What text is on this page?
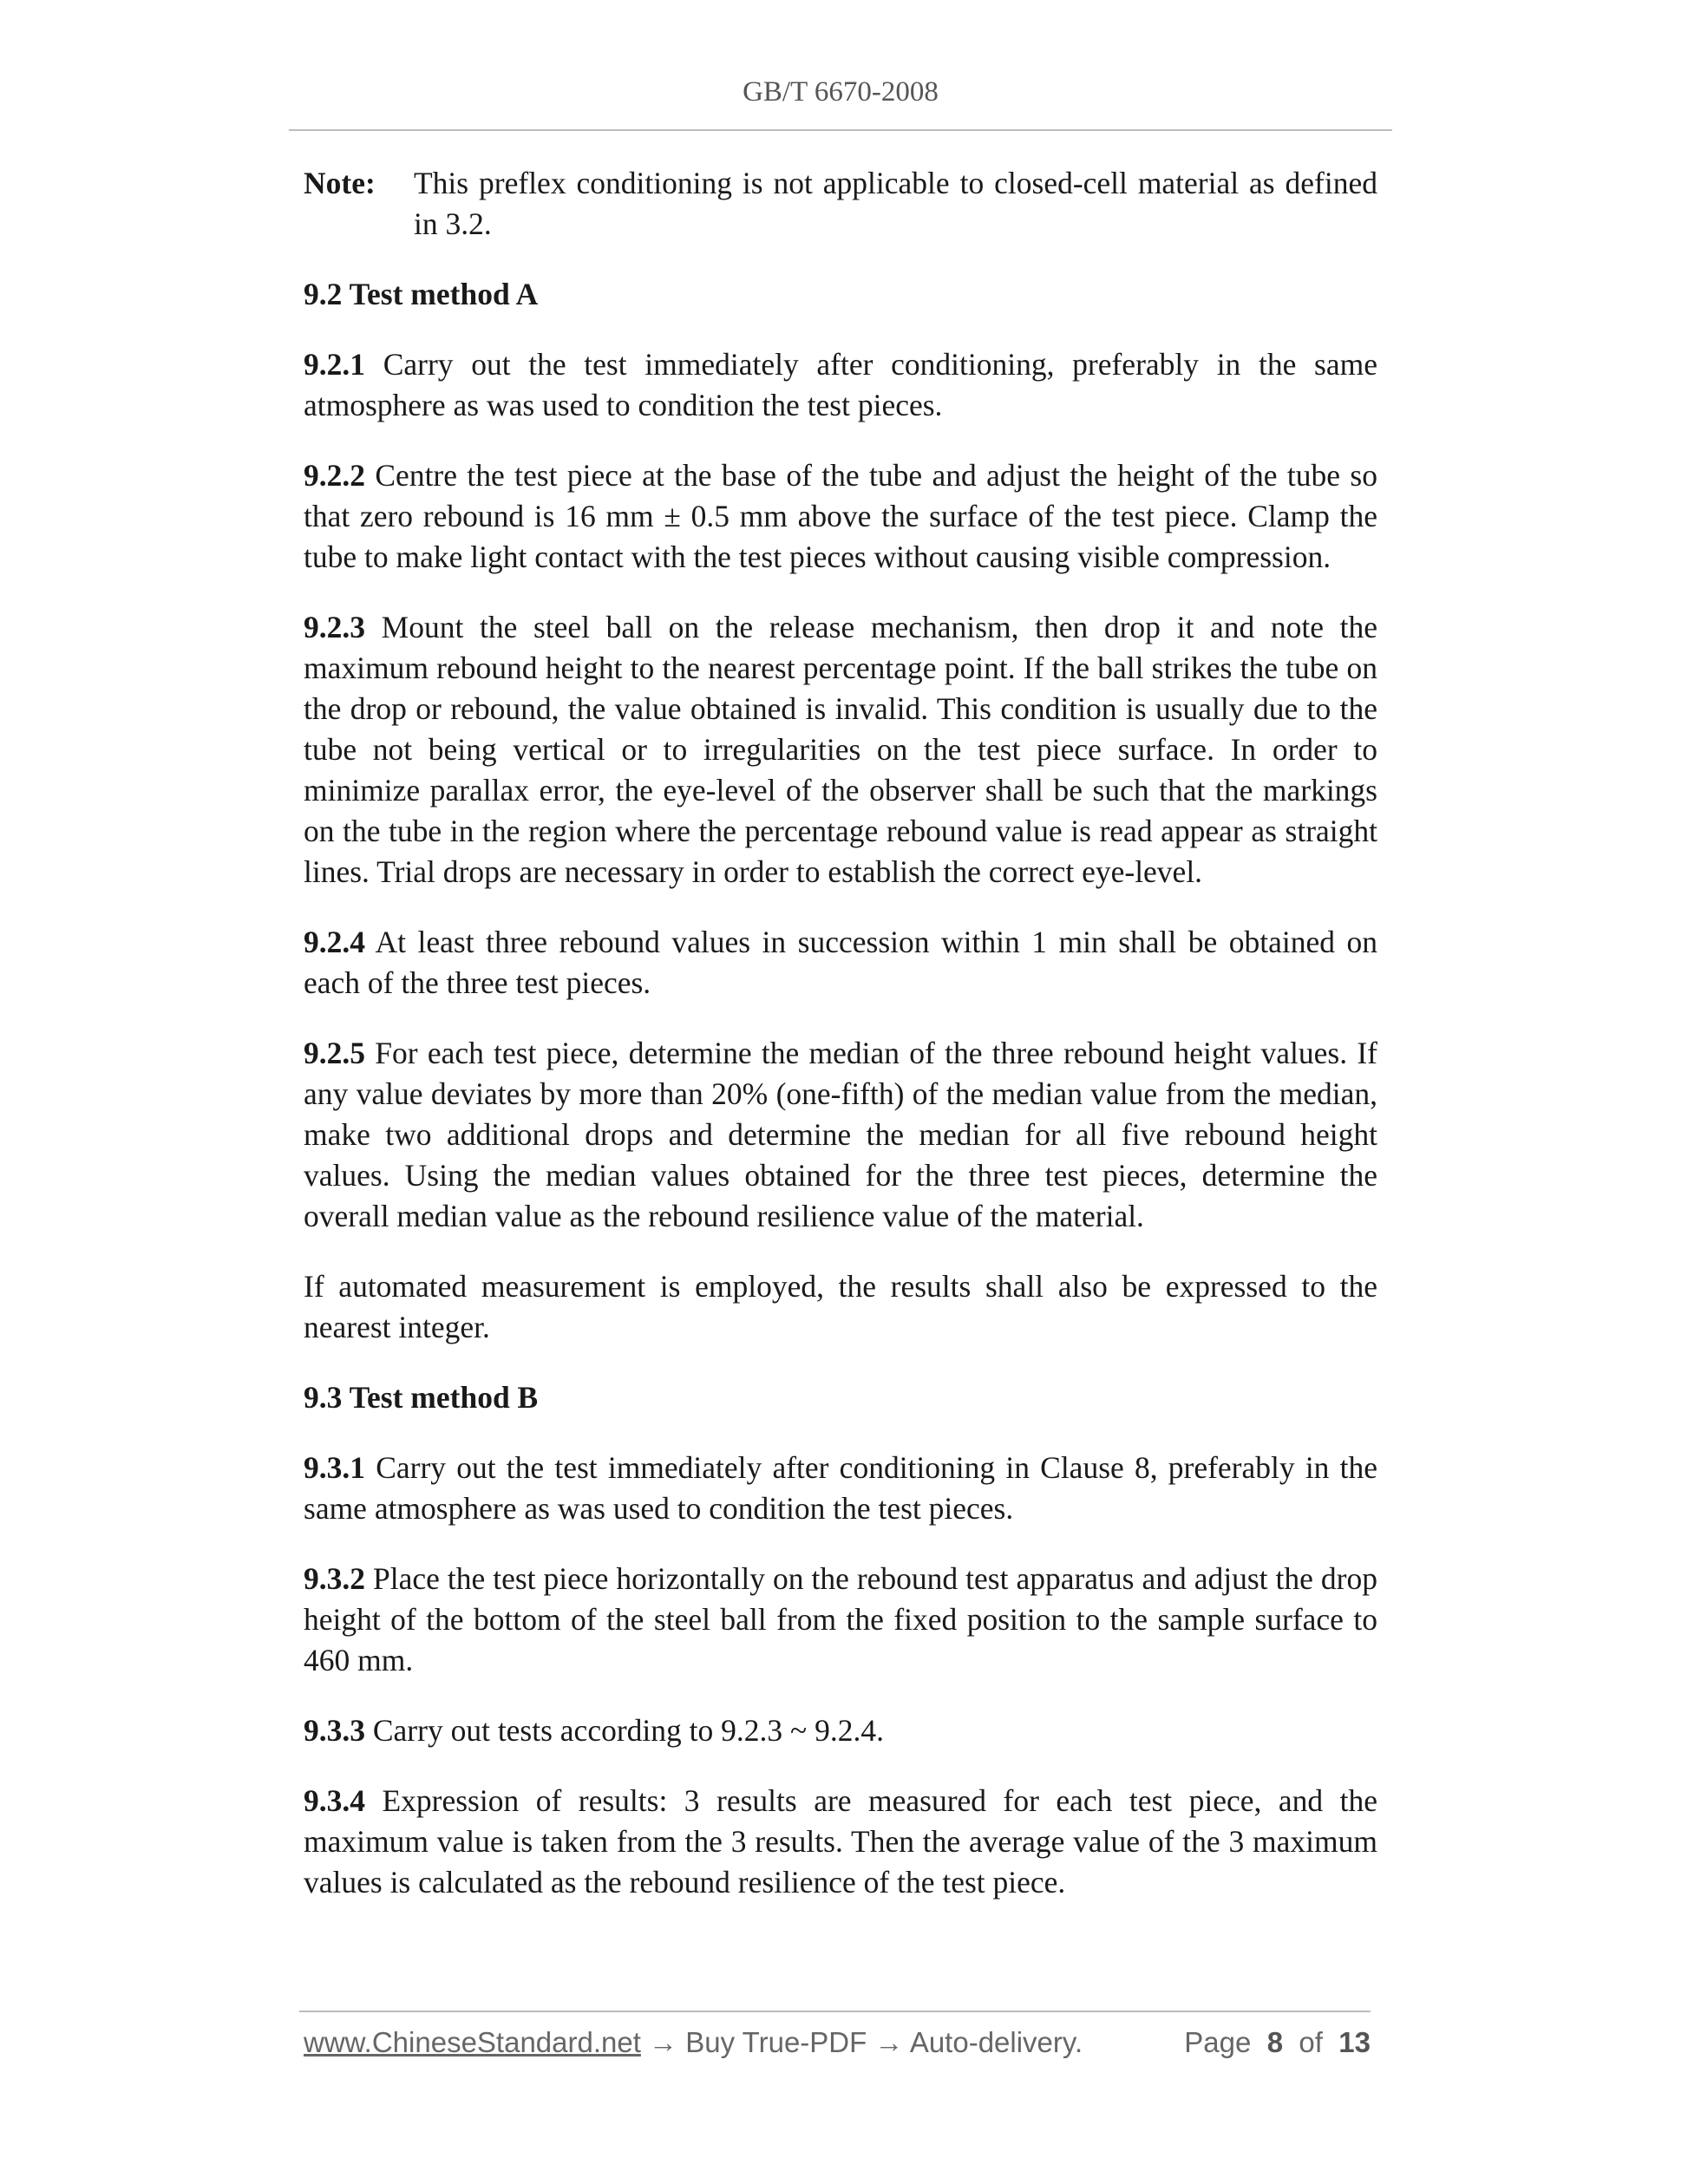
GB/T 6670-2008
Note:	This preflex conditioning is not applicable to closed-cell material as defined in 3.2.
9.2 Test method A

9.2.1 Carry out the test immediately after conditioning, preferably in the same atmosphere as was used to condition the test pieces.

9.2.2 Centre the test piece at the base of the tube and adjust the height of the tube so that zero rebound is 16 mm ± 0.5 mm above the surface of the test piece. Clamp the tube to make light contact with the test pieces without causing visible compression.

9.2.3 Mount the steel ball on the release mechanism, then drop it and note the maximum rebound height to the nearest percentage point. If the ball strikes the tube on the drop or rebound, the value obtained is invalid. This condition is usually due to the tube not being vertical or to irregularities on the test piece surface. In order to minimize parallax error, the eye-level of the observer shall be such that the markings on the tube in the region where the percentage rebound value is read appear as straight lines. Trial drops are necessary in order to establish the correct eye-level.

9.2.4 At least three rebound values in succession within 1 min shall be obtained on each of the three test pieces.

9.2.5 For each test piece, determine the median of the three rebound height values. If any value deviates by more than 20% (one-fifth) of the median value from the median, make two additional drops and determine the median for all five rebound height values. Using the median values obtained for the three test pieces, determine the overall median value as the rebound resilience value of the material.

If automated measurement is employed, the results shall also be expressed to the nearest integer.

9.3 Test method B

9.3.1 Carry out the test immediately after conditioning in Clause 8, preferably in the same atmosphere as was used to condition the test pieces.

9.3.2 Place the test piece horizontally on the rebound test apparatus and adjust the drop height of the bottom of the steel ball from the fixed position to the sample surface to 460 mm.

9.3.3 Carry out tests according to 9.2.3 ~ 9.2.4.

9.3.4 Expression of results: 3 results are measured for each test piece, and the maximum value is taken from the 3 results. Then the average value of the 3 maximum values is calculated as the rebound resilience of the test piece.

www.ChineseStandard.net → Buy True-PDF → Auto-delivery.	Page 8 of 13
